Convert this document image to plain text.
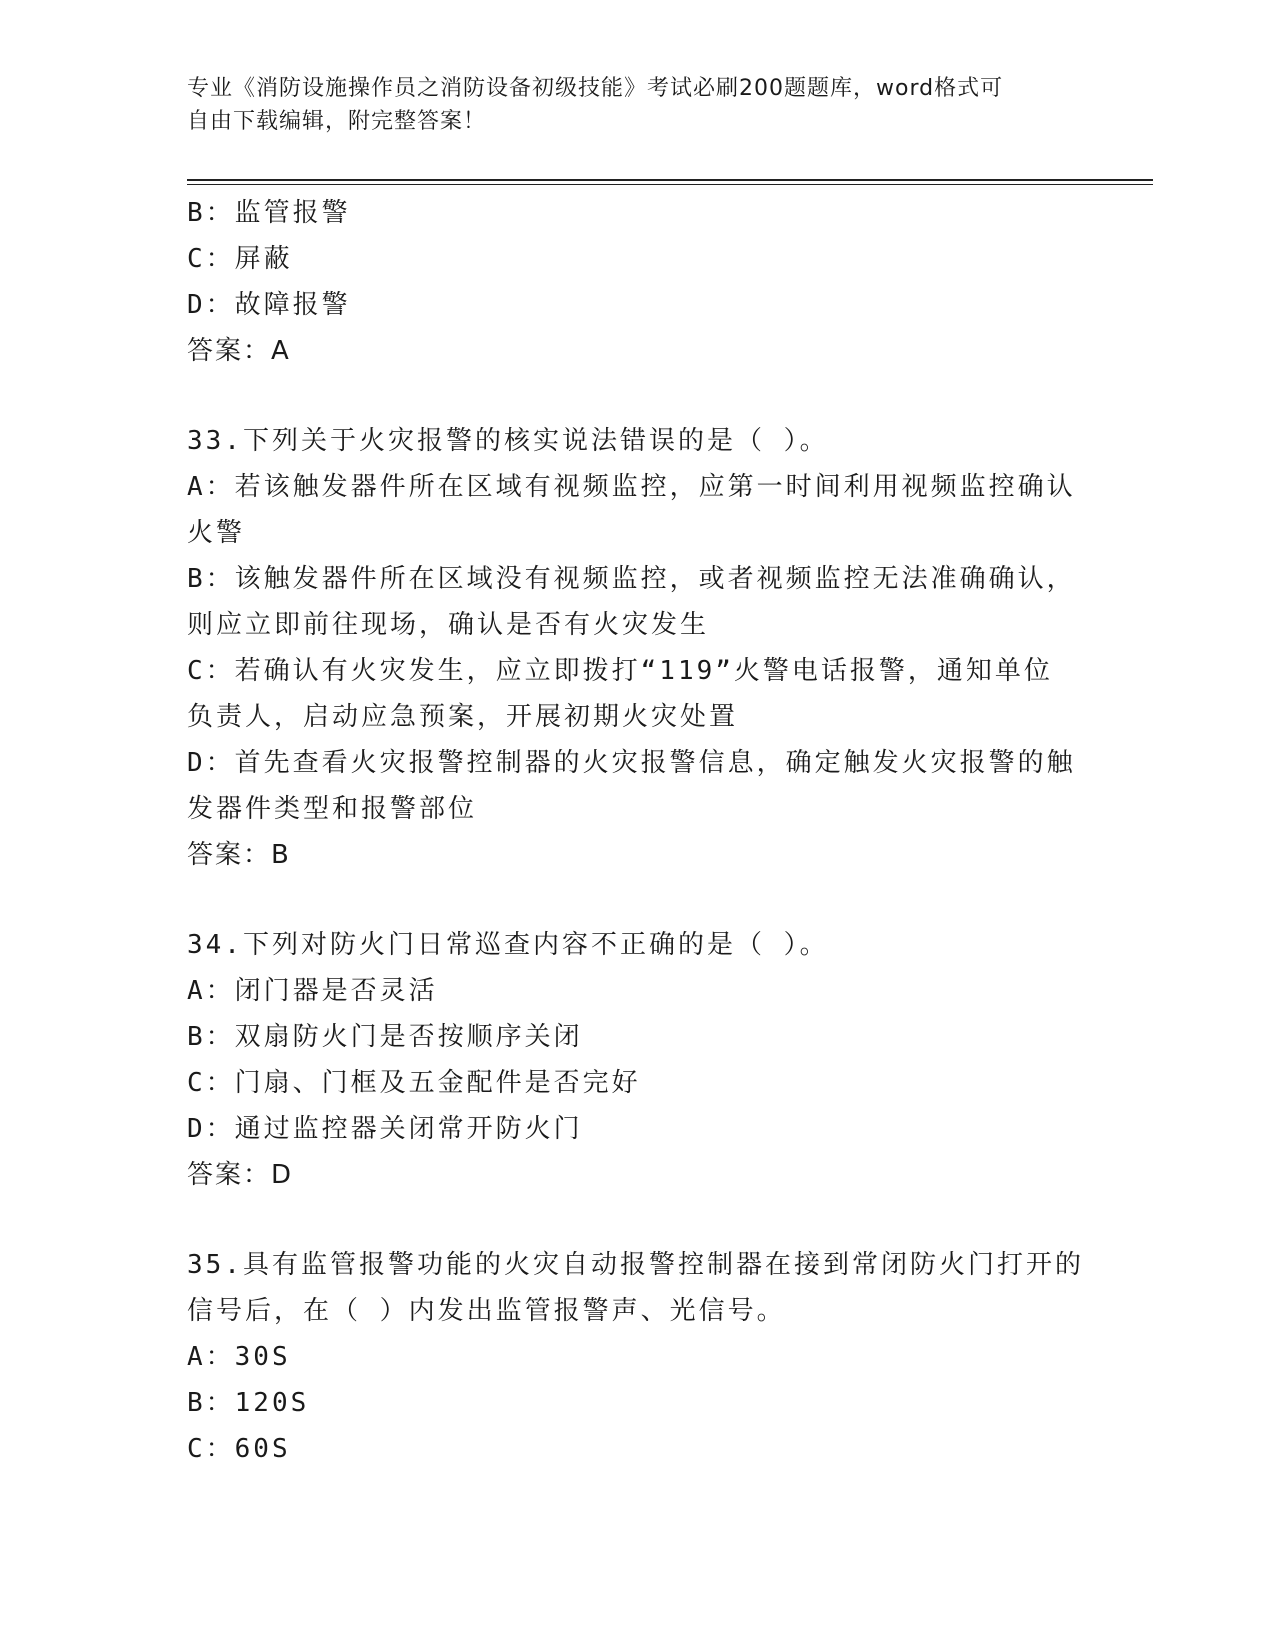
专业《消防设施操作员之消防设备初级技能》考试必刷200题题库，word格式可
自由下载编辑，附完整答案！
B：监管报警
C：屏蔽
D：故障报警
答案：A
33.下列关于火灾报警的核实说法错误的是（ ）。
A：若该触发器件所在区域有视频监控，应第一时间利用视频监控确认
火警
B：该触发器件所在区域没有视频监控，或者视频监控无法准确确认，
则应立即前往现场，确认是否有火灾发生
C：若确认有火灾发生，应立即拨打“119”火警电话报警，通知单位
负责人，启动应急预案，开展初期火灾处置
D：首先查看火灾报警控制器的火灾报警信息，确定触发火灾报警的触
发器件类型和报警部位
答案：B
34.下列对防火门日常巡查内容不正确的是（ ）。
A：闭门器是否灵活
B：双扇防火门是否按顺序关闭
C：门扇、门框及五金配件是否完好
D：通过监控器关闭常开防火门
答案：D
35.具有监管报警功能的火灾自动报警控制器在接到常闭防火门打开的
信号后，在（ ）内发出监管报警声、光信号。
A：30S
B：120S
C：60S
